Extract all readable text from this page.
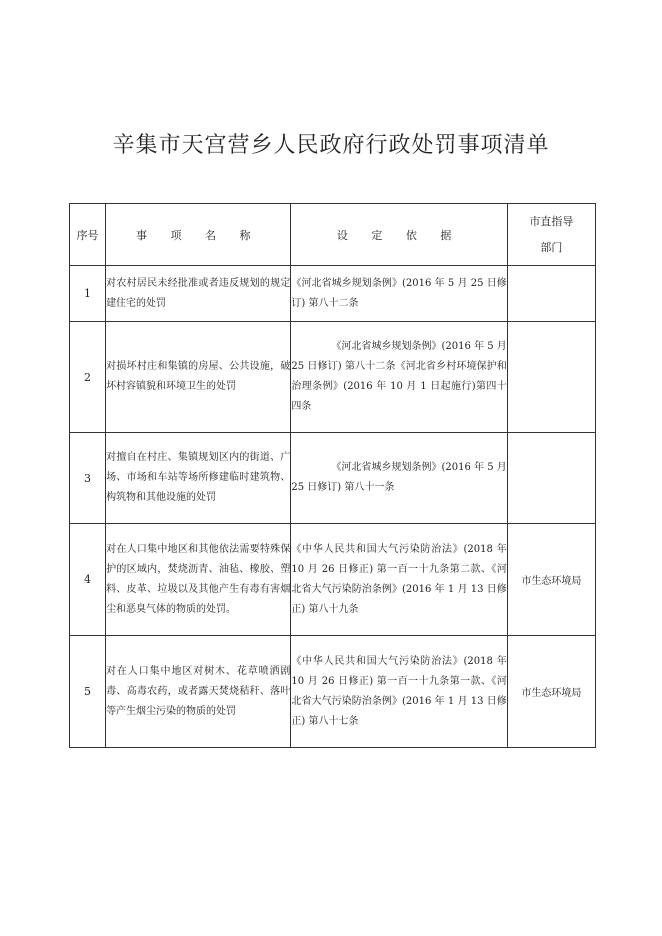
辛集市天宫营乡人民政府行政处罚事项清单
序号	事 项 名 称	设 定 依 据	市直指导
部门

1	对农村居民未经批准或者违反规划的规定建住宅的处罚	《河北省城乡规划条例》(2016 年 5 月 25 日修订) 第八十二条	
2	对损坏村庄和集镇的房屋、公共设施，破坏村容镇貌和环境卫生的处罚	《河北省城乡规划条例》(2016 年 5 月 25 日修订) 第八十二条《河北省乡村环境保护和治理条例》(2016 年 10 月 1 日起施行)第四十四条	
3	对擅自在村庄、集镇规划区内的街道、广场、市场和车站等场所修建临时建筑物、构筑物和其他设施的处罚	《河北省城乡规划条例》(2016 年 5 月 25 日修订) 第八十一条	
4	对在人口集中地区和其他依法需要特殊保护的区域内，焚烧沥青、油毡、橡胶、塑料、皮革、垃圾以及其他产生有毒有害烟尘和恶臭气体的物质的处罚。	《中华人民共和国大气污染防治法》(2018 年 10 月 26 日修正) 第一百一十九条第二款、《河北省大气污染防治条例》(2016 年 1 月 13 日修正) 第八十九条	市生态环境局
5	对在人口集中地区对树木、花草喷洒剧毒、高毒农药，或者露天焚烧秸秆、落叶等产生烟尘污染的物质的处罚	《中华人民共和国大气污染防治法》(2018 年 10 月 26 日修正) 第一百一十九条第一款、《河北省大气污染防治条例》(2016 年 1 月 13 日修正) 第八十七条	市生态环境局
